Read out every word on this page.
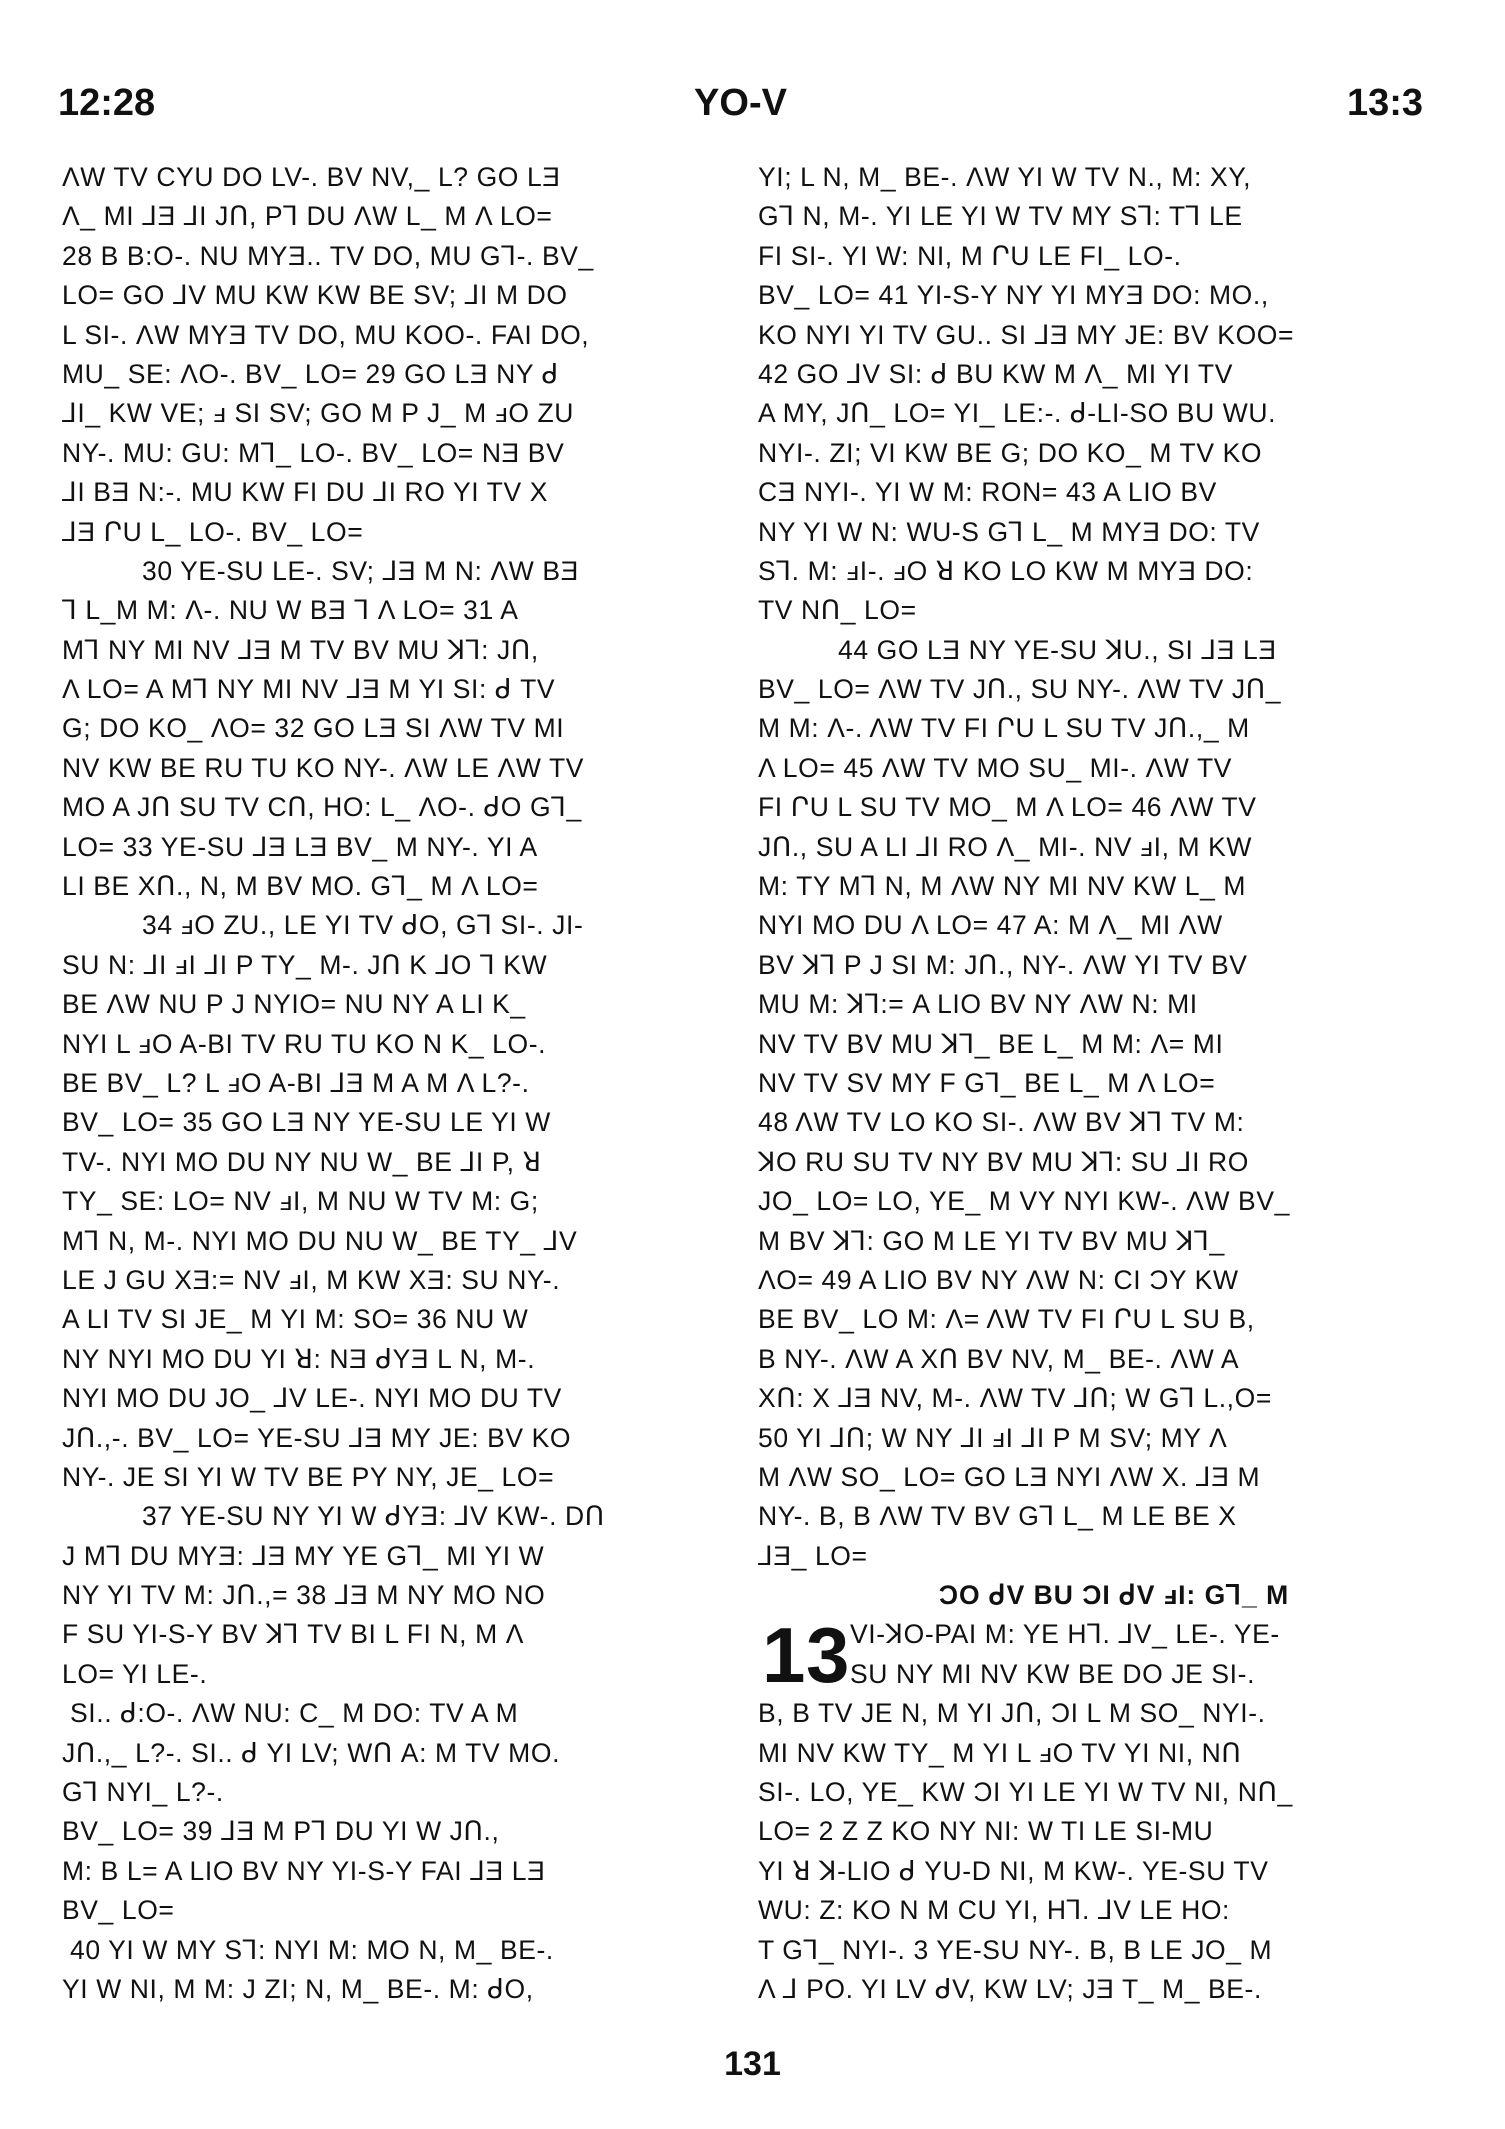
12:28	YO-V	13:3
ΛW TV CYU DO LV-. BV NV,_ L? GO LƎ
Λ_ MI ⅃Ǝ ⅃I JՈ, P⅂ DU ΛW L_ M Λ LO=
28 B B:O-. NU MYƎ.. TV DO, MU G⅂-. BV_
LO= GO ⅃V MU KW KW BE SV; ⅃I M DO
L SI-. ΛW MYƎ TV DO, MU KOO-. FAI DO,
MU_ SE: ΛO-. BV_ LO= 29 GO LƎ NY ᑯ
⅃I_ KW VE; ⅎ SI SV; GO M P J_ M ⅎO ZU
NY-. MU: GU: M⅂_ LO-. BV_ LO= NƎ BV
⅃I BƎ N:-. MU KW FI DU ⅃I RO YI TV X
⅃Ǝ ՐU L_ LO-. BV_ LO=
30 YE-SU LE-. SV; ⅃Ǝ M N: ΛW BƎ
⅂ L_M M: Λ-. NU W BƎ ⅂ Λ LO= 31 A
M⅂ NY MI NV ⅃Ǝ M TV BV MU ꓘ⅂: JՈ,
Λ LO= A M⅂ NY MI NV ⅃Ǝ M YI SI: ᑯ TV
G; DO KO_ ΛO= 32 GO LƎ SI ΛW TV MI
NV KW BE RU TU KO NY-. ΛW LE ΛW TV
MO A JՈ SU TV CՈ, HO: L_ ΛO-. ᑯO G⅂_
LO= 33 YE-SU ⅃Ǝ LƎ BV_ M NY-. YI A
LI BE XՈ., N, M BV MO. G⅂_ M Λ LO=
34 ⅎO ZU., LE YI TV ᑯO, G⅂ SI-. JI-
SU N: ⅃I ⅎI ⅃I P TY_ M-. JՈ K ⅃O ⅂ KW
BE ΛW NU P J NYIO= NU NY A LI K_
NYI L ⅎO A-BI TV RU TU KO N K_ LO-.
BE BV_ L? L ⅎO A-BI ⅃Ǝ M A M Λ L?-.
BV_ LO= 35 GO LƎ NY YE-SU LE YI W
TV-. NYI MO DU NY NU W_ BE ⅃I P, ꓤ
TY_ SE: LO= NV ⅎI, M NU W TV M: G;
M⅂ N, M-. NYI MO DU NU W_ BE TY_ ⅃V
LE J GU XƎ:= NV ⅎI, M KW XƎ: SU NY-.
A LI TV SI JE_ M YI M: SO= 36 NU W
NY NYI MO DU YI ꓤ: NƎ ᑯYƎ L N, M-.
NYI MO DU JO_ ⅃V LE-. NYI MO DU TV
JՈ.,-. BV_ LO= YE-SU ⅃Ǝ MY JE: BV KO
NY-. JE SI YI W TV BE PY NY, JE_ LO=
37 YE-SU NY YI W ᑯYƎ: ⅃V KW-. DՈ
J M⅂ DU MYƎ: ⅃Ǝ MY YE G⅂_ MI YI W
NY YI TV M: JՈ.,= 38 ⅃Ǝ M NY MO NO
F SU YI-S-Y BV ꓘ⅂ TV BI L FI N, M Λ
LO= YI LE-.
SI.. ᑯ:O-. ΛW NU: C_ M DO: TV A M
JՈ.,_ L?-. SI.. ᑯ YI LV; WՈ A: M TV MO.
G⅂ NYI_ L?-.
BV_ LO= 39 ⅃Ǝ M P⅂ DU YI W JՈ.,
M: B L= A LIO BV NY YI-S-Y FAI ⅃Ǝ LƎ
BV_ LO=
40 YI W MY S⅂: NYI M: MO N, M_ BE-.
YI W NI, M M: J ZI; N, M_ BE-. M: ᑯO,
YI; L N, M_ BE-. ΛW YI W TV N., M: XY,
G⅂ N, M-. YI LE YI W TV MY S⅂: T⅂ LE
FI SI-. YI W: NI, M ՐU LE FI_ LO-.
BV_ LO= 41 YI-S-Y NY YI MYƎ DO: MO.,
KO NYI YI TV GU.. SI ⅃Ǝ MY JE: BV KOO=
42 GO ⅃V SI: ᑯ BU KW M Λ_ MI YI TV
A MY, JՈ_ LO= YI_ LE:-. ᑯ-LI-SO BU WU.
NYI-. ZI; VI KW BE G; DO KO_ M TV KO
CƎ NYI-. YI W M: RON= 43 A LIO BV
NY YI W N: WU-S G⅂ L_ M MYƎ DO: TV
S⅂. M: ⅎI-. ⅎO ꓤ KO LO KW M MYƎ DO:
TV NՈ_ LO=
44 GO LƎ NY YE-SU ꓘU., SI ⅃Ǝ LƎ
BV_ LO= ΛW TV JՈ., SU NY-. ΛW TV JՈ_
M M: Λ-. ΛW TV FI ՐU L SU TV JՈ.,_ M
Λ LO= 45 ΛW TV MO SU_ MI-. ΛW TV
FI ՐU L SU TV MO_ M Λ LO= 46 ΛW TV
JՈ., SU A LI ⅃I RO Λ_ MI-. NV ⅎI, M KW
M: TY M⅂ N, M ΛW NY MI NV KW L_ M
NYI MO DU Λ LO= 47 A: M Λ_ MI ΛW
BV ꓘ⅂ P J SI M: JՈ., NY-. ΛW YI TV BV
MU M: ꓘ⅂:= A LIO BV NY ΛW N: MI
NV TV BV MU ꓘ⅂_ BE L_ M M: Λ= MI
NV TV SV MY F G⅂_ BE L_ M Λ LO=
48 ΛW TV LO KO SI-. ΛW BV ꓘ⅂ TV M:
ꓘO RU SU TV NY BV MU ꓘ⅂: SU ⅃I RO
JO_ LO= LO, YE_ M VY NYI KW-. ΛW BV_
M BV ꓘ⅂: GO M LE YI TV BV MU ꓘ⅂_
ΛO= 49 A LIO BV NY ΛW N: CI ƆY KW
BE BV_ LO M: Λ= ΛW TV FI ՐU L SU B,
B NY-. ΛW A XՈ BV NV, M_ BE-. ΛW A
XՈ: X ⅃Ǝ NV, M-. ΛW TV ⅃Ո; W G⅂ L.,O=
50 YI ⅃Ո; W NY ⅃I ⅎI ⅃I P M SV; MY Λ
M ΛW SO_ LO= GO LƎ NYI ΛW X. ⅃Ǝ M
NY-. B, B ΛW TV BV G⅂ L_ M LE BE X
⅃Ǝ_ LO=
ƆO ᑯV BU ƆI ᑯV ⅎI: G⅂_ M
13 VI-ꓘO-PAI M: YE H⅂. ⅃V_ LE-. YE-
SU NY MI NV KW BE DO JE SI-.
B, B TV JE N, M YI JՈ, ƆI L M SO_ NYI-.
MI NV KW TY_ M YI L ⅎO TV YI NI, NՈ
SI-. LO, YE_ KW ƆI YI LE YI W TV NI, NՈ_
LO= 2 Z Z KO NY NI: W TI LE SI-MU
YI ꓤ ꓘ-LIO ᑯ YU-D NI, M KW-. YE-SU TV
WU: Z: KO N M CU YI, H⅂. ⅃V LE HO:
T G⅂_ NYI-. 3 YE-SU NY-. B, B LE JO_ M
Λ ⅃ PO. YI LV ᑯV, KW LV; JƎ T_ M_ BE-.
131
